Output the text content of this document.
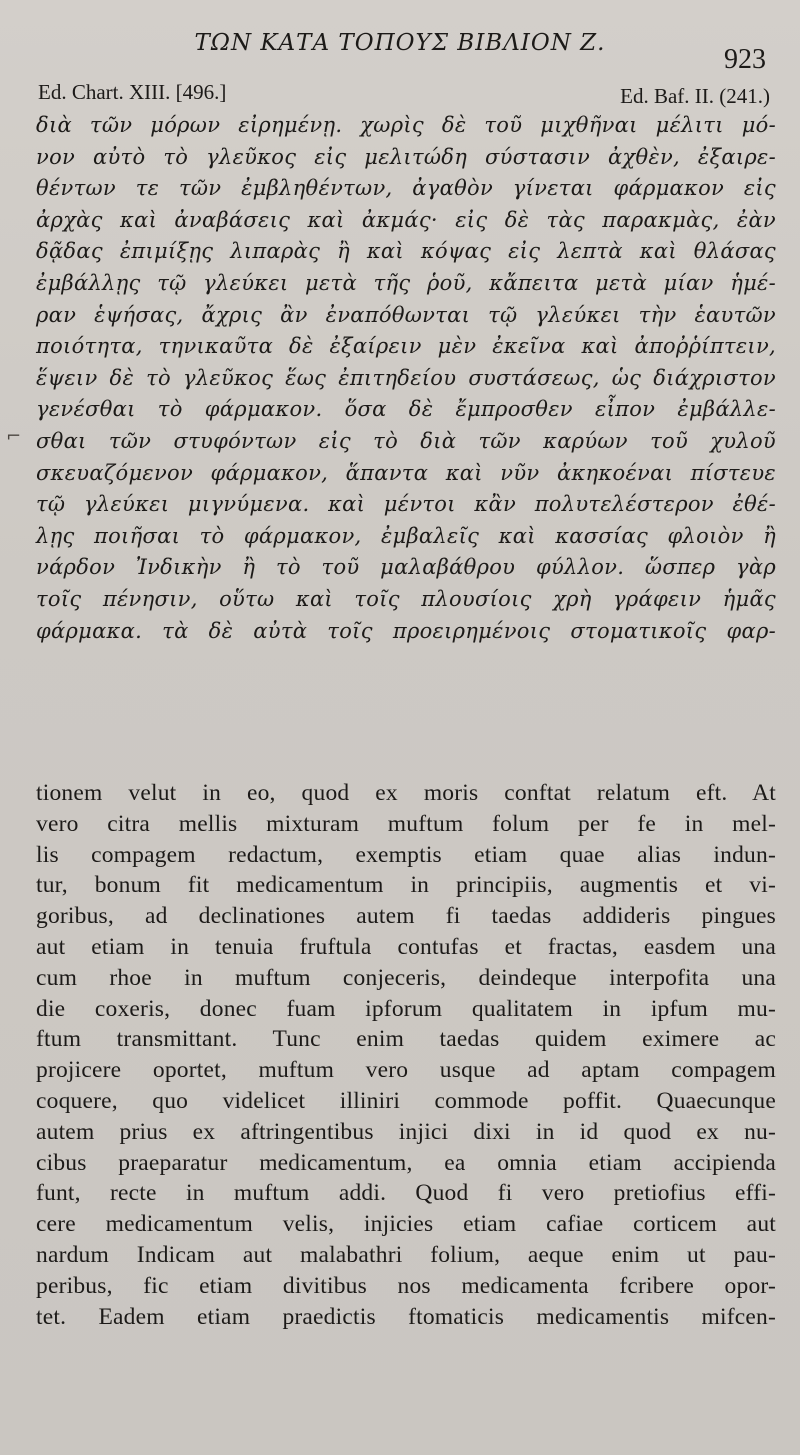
ΤΩΝ ΚΑΤΑ ΤΟΠΟΥΣ ΒΙΒΛΙΟΝ Ζ.
923
Ed. Chart. XIII. [496.]	Ed. Baf. II. (241.)
⌐
διὰ τῶν μόρων εἰρημένῃ. χωρὶς δὲ τοῦ μιχθῆναι μέλιτι μό-
νον αὐτὸ τὸ γλεῦκος εἰς μελιτώδη σύστασιν ἀχθὲν, ἐξαιρε-
θέντων τε τῶν ἐμβληθέντων, ἀγαθὸν γίνεται φάρμακον εἰς
ἀρχὰς καὶ ἀναβάσεις καὶ ἀκμάς· εἰς δὲ τὰς παρακμὰς, ἐὰν
δᾷδας ἐπιμίξῃς λιπαρὰς ἢ καὶ κόψας εἰς λεπτὰ καὶ θλάσας
ἐμβάλλῃς τῷ γλεύκει μετὰ τῆς ῥοῦ, κἄπειτα μετὰ μίαν ἡμέ-
ραν ἑψήσας, ἄχρις ἂν ἐναπόθωνται τῷ γλεύκει τὴν ἑαυτῶν
ποιότητα, τηνικαῦτα δὲ ἐξαίρειν μὲν ἐκεῖνα καὶ ἀποῤῥίπτειν,
ἕψειν δὲ τὸ γλεῦκος ἕως ἐπιτηδείου συστάσεως, ὡς διάχριστον
γενέσθαι τὸ φάρμακον. ὅσα δὲ ἔμπροσθεν εἶπον ἐμβάλλε-
σθαι τῶν στυφόντων εἰς τὸ διὰ τῶν καρύων τοῦ χυλοῦ
σκευαζόμενον φάρμακον, ἅπαντα καὶ νῦν ἀκηκοέναι πίστευε
τῷ γλεύκει μιγνύμενα. καὶ μέντοι κἂν πολυτελέστερον ἐθέ-
λῃς ποιῆσαι τὸ φάρμακον, ἐμβαλεῖς καὶ κασσίας φλοιὸν ἢ
νάρδον Ἰνδικὴν ἢ τὸ τοῦ μαλαβάθρου φύλλον. ὥσπερ γὰρ
τοῖς πένησιν, οὕτω καὶ τοῖς πλουσίοις χρὴ γράφειν ἡμᾶς
φάρμακα. τὰ δὲ αὐτὰ τοῖς προειρημένοις στοματικοῖς φαρ-
tionem velut in eo, quod ex moris conftat relatum eft. At
vero citra mellis mixturam muftum folum per fe in mel-
lis compagem redactum, exemptis etiam quae alias indun-
tur, bonum fit medicamentum in principiis, augmentis et vi-
goribus, ad declinationes autem fi taedas addideris pingues
aut etiam in tenuia fruftula contufas et fractas, easdem una
cum rhoe in muftum conjeceris, deindeque interpofita una
die coxeris, donec fuam ipforum qualitatem in ipfum mu-
ftum transmittant. Tunc enim taedas quidem eximere ac
projicere oportet, muftum vero usque ad aptam compagem
coquere, quo videlicet illiniri commode poffit. Quaecunque
autem prius ex aftringentibus injici dixi in id quod ex nu-
cibus praeparatur medicamentum, ea omnia etiam accipienda
funt, recte in muftum addi. Quod fi vero pretiofius effi-
cere medicamentum velis, injicies etiam cafiae corticem aut
nardum Indicam aut malabathri folium, aeque enim ut pau-
peribus, fic etiam divitibus nos medicamenta fcribere opor-
tet. Eadem etiam praedictis ftomaticis medicamentis mifcen-
